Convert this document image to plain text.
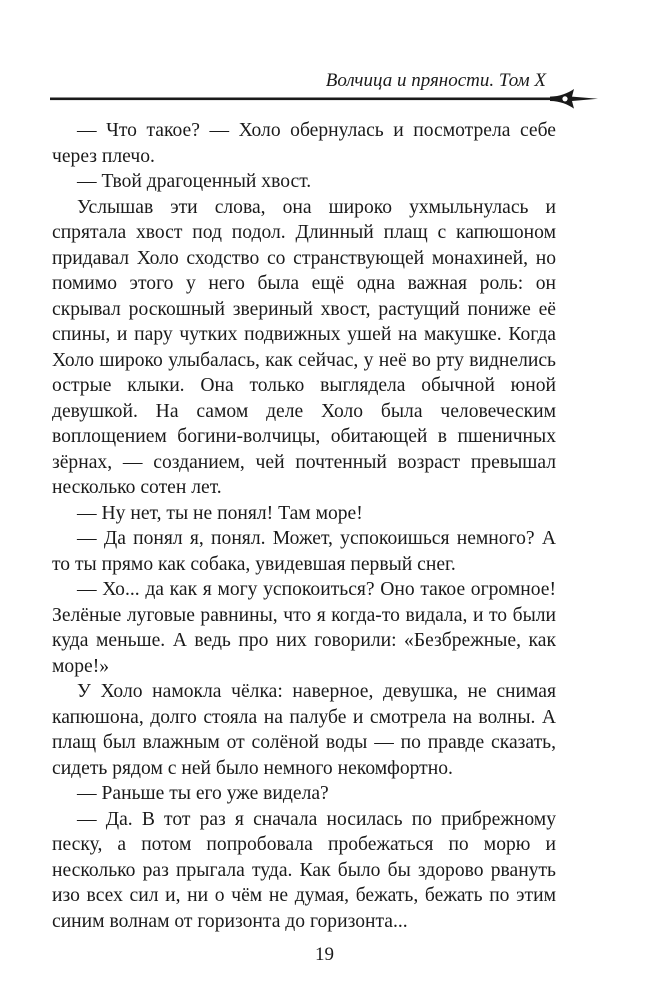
Волчица и пряности. Том X

— Что такое? — Холо обернулась и посмотрела себе через плечо.

— Твой драгоценный хвост.

Услышав эти слова, она широко ухмыльнулась и спрятала хвост под подол. Длинный плащ с капюшоном придавал Холо сходство со странствующей монахиней, но помимо этого у него была ещё одна важная роль: он скрывал роскошный звериный хвост, растущий пониже её спины, и пару чутких подвижных ушей на макушке. Когда Холо широко улыбалась, как сейчас, у неё во рту виднелись острые клыки. Она только выглядела обычной юной девушкой. На самом деле Холо была человеческим воплощением богини-волчицы, обитающей в пшеничных зёрнах, — созданием, чей почтенный возраст превышал несколько сотен лет.

— Ну нет, ты не понял! Там море!

— Да понял я, понял. Может, успокоишься немного? А то ты прямо как собака, увидевшая первый снег.

— Хо... да как я могу успокоиться? Оно такое огромное! Зелёные луговые равнины, что я когда-то видала, и то были куда меньше. А ведь про них говорили: «Безбрежные, как море!»

У Холо намокла чёлка: наверное, девушка, не снимая капюшона, долго стояла на палубе и смотрела на волны. А плащ был влажным от солёной воды — по правде сказать, сидеть рядом с ней было немного некомфортно.

— Раньше ты его уже видела?

— Да. В тот раз я сначала носилась по прибрежному песку, а потом попробовала пробежаться по морю и несколько раз прыгала туда. Как было бы здорово рвануть изо всех сил и, ни о чём не думая, бежать, бежать по этим синим волнам от горизонта до горизонта...

19
